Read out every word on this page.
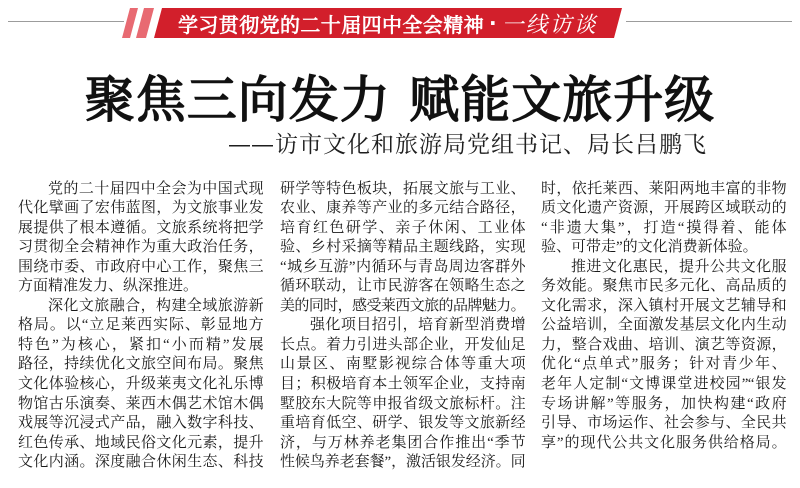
学习贯彻党的二十届四中全会精神 · 一线访谈
聚焦三向发力 赋能文旅升级
——访市文化和旅游局党组书记、局长吕鹏飞
党的二十届四中全会为中国式现
代化擘画了宏伟蓝图，为文旅事业发
展提供了根本遵循。文旅系统将把学
习贯彻全会精神作为重大政治任务，
围绕市委、市政府中心工作，聚焦三
方面精准发力、纵深推进。
深化文旅融合，构建全域旅游新
格局。以“立足莱西实际、彰显地方
特色”为核心，紧扣“小而精”发展
路径，持续优化文旅空间布局。聚焦
文化体验核心，升级莱夷文化礼乐博
物馆古乐演奏、莱西木偶艺术馆木偶
戏展等沉浸式产品，融入数字科技、
红色传承、地域民俗文化元素，提升
文化内涵。深度融合休闲生态、科技
研学等特色板块，拓展文旅与工业、
农业、康养等产业的多元结合路径，
培育红色研学、亲子休闲、工业体
验、乡村采摘等精品主题线路，实现
“城乡互游”内循环与青岛周边客群外
循环联动，让市民游客在领略生态之
美的同时，感受莱西文旅的品牌魅力。
强化项目招引，培育新型消费增
长点。着力引进头部企业，开发仙足
山景区、南墅影视综合体等重大项
目；积极培育本土领军企业，支持南
墅胶东大院等申报省级文旅标杆。注
重培育低空、研学、银发等文旅新经
济，与万林养老集团合作推出“季节
性候鸟养老套餐”，激活银发经济。同
时，依托莱西、莱阳两地丰富的非物
质文化遗产资源，开展跨区域联动的
“非遗大集”，打造“摸得着、能体
验、可带走”的文化消费新体验。
推进文化惠民，提升公共文化服
务效能。聚焦市民多元化、高品质的
文化需求，深入镇村开展文艺辅导和
公益培训，全面激发基层文化内生动
力，整合戏曲、培训、演艺等资源，
优化“点单式”服务；针对青少年、
老年人定制“文博课堂进校园”“银发
专场讲解”等服务，加快构建“政府
引导、市场运作、社会参与、全民共
享”的现代公共文化服务供给格局。
